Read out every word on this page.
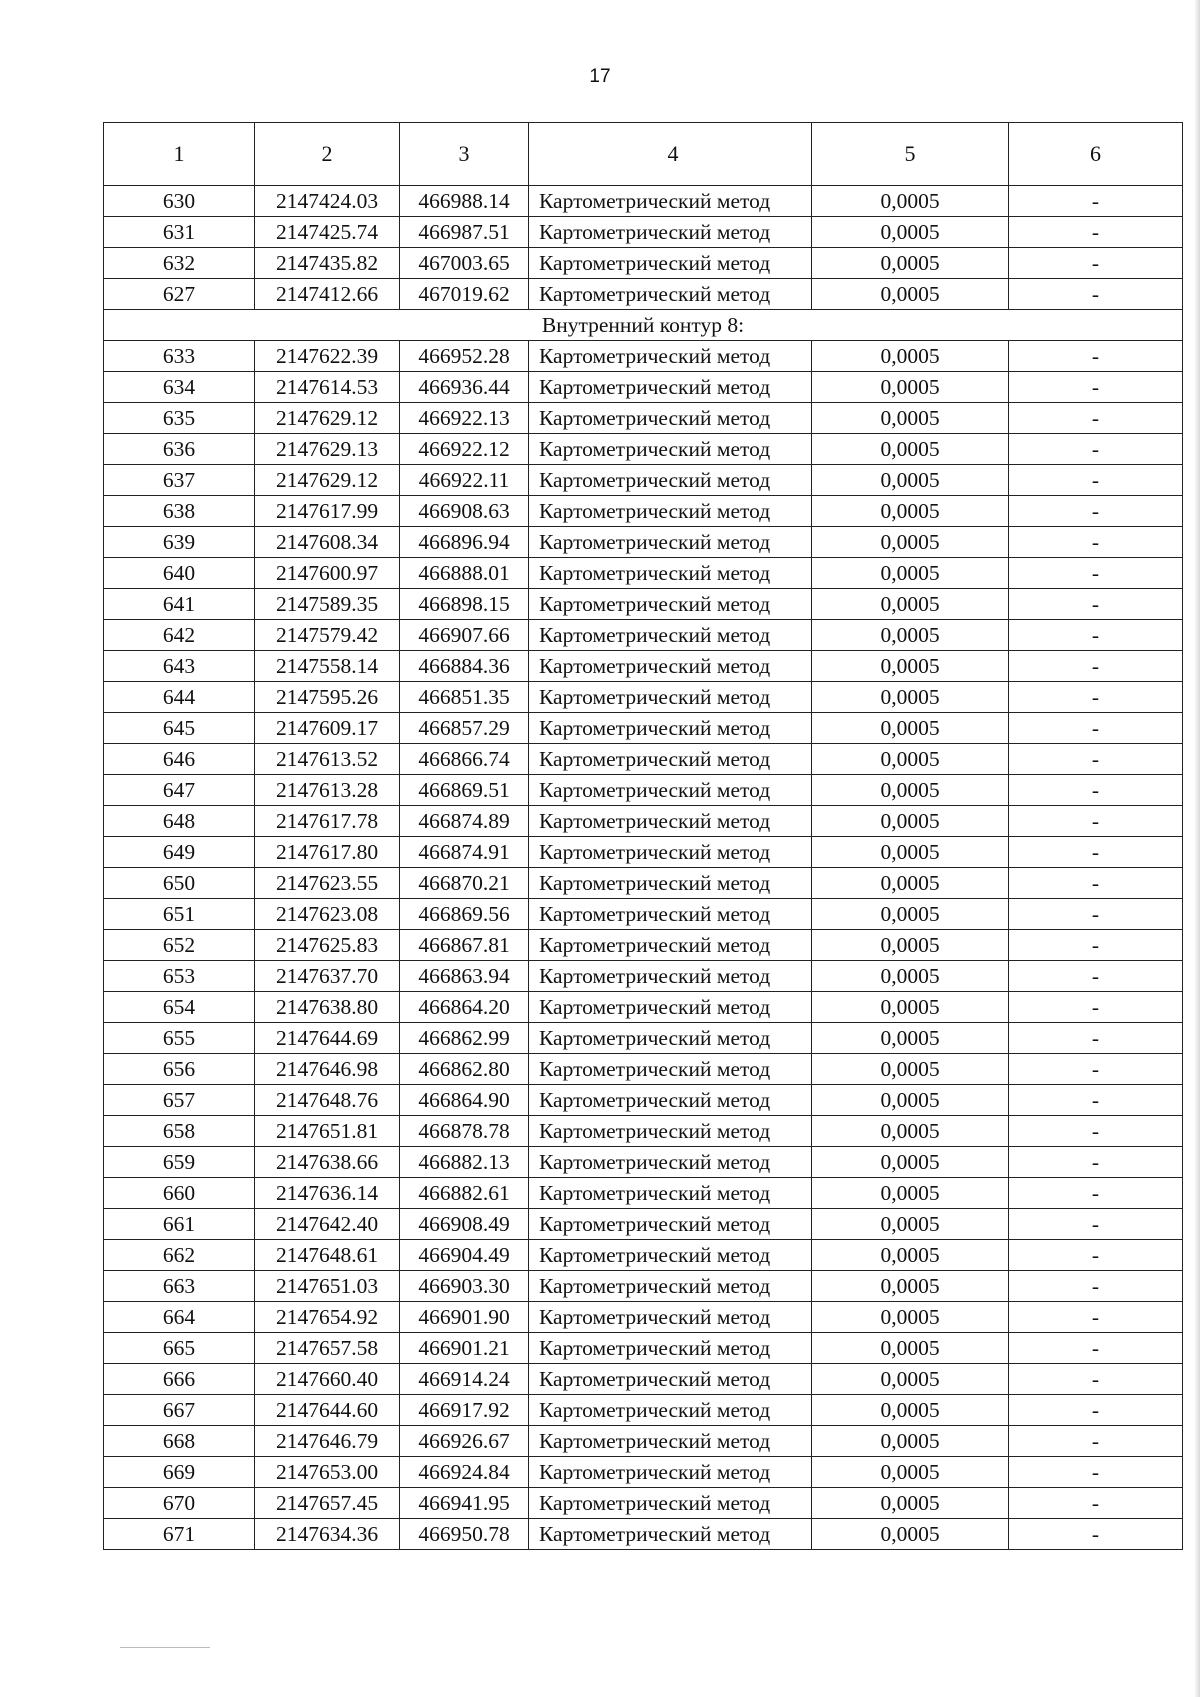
17
1	2	3	4	5	6
630	2147424.03	466988.14	Картометрический метод	0,0005	-
631	2147425.74	466987.51	Картометрический метод	0,0005	-
632	2147435.82	467003.65	Картометрический метод	0,0005	-
627	2147412.66	467019.62	Картометрический метод	0,0005	-
Внутренний контур 8:					
633	2147622.39	466952.28	Картометрический метод	0,0005	-
634	2147614.53	466936.44	Картометрический метод	0,0005	-
635	2147629.12	466922.13	Картометрический метод	0,0005	-
636	2147629.13	466922.12	Картометрический метод	0,0005	-
637	2147629.12	466922.11	Картометрический метод	0,0005	-
638	2147617.99	466908.63	Картометрический метод	0,0005	-
639	2147608.34	466896.94	Картометрический метод	0,0005	-
640	2147600.97	466888.01	Картометрический метод	0,0005	-
641	2147589.35	466898.15	Картометрический метод	0,0005	-
642	2147579.42	466907.66	Картометрический метод	0,0005	-
643	2147558.14	466884.36	Картометрический метод	0,0005	-
644	2147595.26	466851.35	Картометрический метод	0,0005	-
645	2147609.17	466857.29	Картометрический метод	0,0005	-
646	2147613.52	466866.74	Картометрический метод	0,0005	-
647	2147613.28	466869.51	Картометрический метод	0,0005	-
648	2147617.78	466874.89	Картометрический метод	0,0005	-
649	2147617.80	466874.91	Картометрический метод	0,0005	-
650	2147623.55	466870.21	Картометрический метод	0,0005	-
651	2147623.08	466869.56	Картометрический метод	0,0005	-
652	2147625.83	466867.81	Картометрический метод	0,0005	-
653	2147637.70	466863.94	Картометрический метод	0,0005	-
654	2147638.80	466864.20	Картометрический метод	0,0005	-
655	2147644.69	466862.99	Картометрический метод	0,0005	-
656	2147646.98	466862.80	Картометрический метод	0,0005	-
657	2147648.76	466864.90	Картометрический метод	0,0005	-
658	2147651.81	466878.78	Картометрический метод	0,0005	-
659	2147638.66	466882.13	Картометрический метод	0,0005	-
660	2147636.14	466882.61	Картометрический метод	0,0005	-
661	2147642.40	466908.49	Картометрический метод	0,0005	-
662	2147648.61	466904.49	Картометрический метод	0,0005	-
663	2147651.03	466903.30	Картометрический метод	0,0005	-
664	2147654.92	466901.90	Картометрический метод	0,0005	-
665	2147657.58	466901.21	Картометрический метод	0,0005	-
666	2147660.40	466914.24	Картометрический метод	0,0005	-
667	2147644.60	466917.92	Картометрический метод	0,0005	-
668	2147646.79	466926.67	Картометрический метод	0,0005	-
669	2147653.00	466924.84	Картометрический метод	0,0005	-
670	2147657.45	466941.95	Картометрический метод	0,0005	-
671	2147634.36	466950.78	Картометрический метод	0,0005	-
